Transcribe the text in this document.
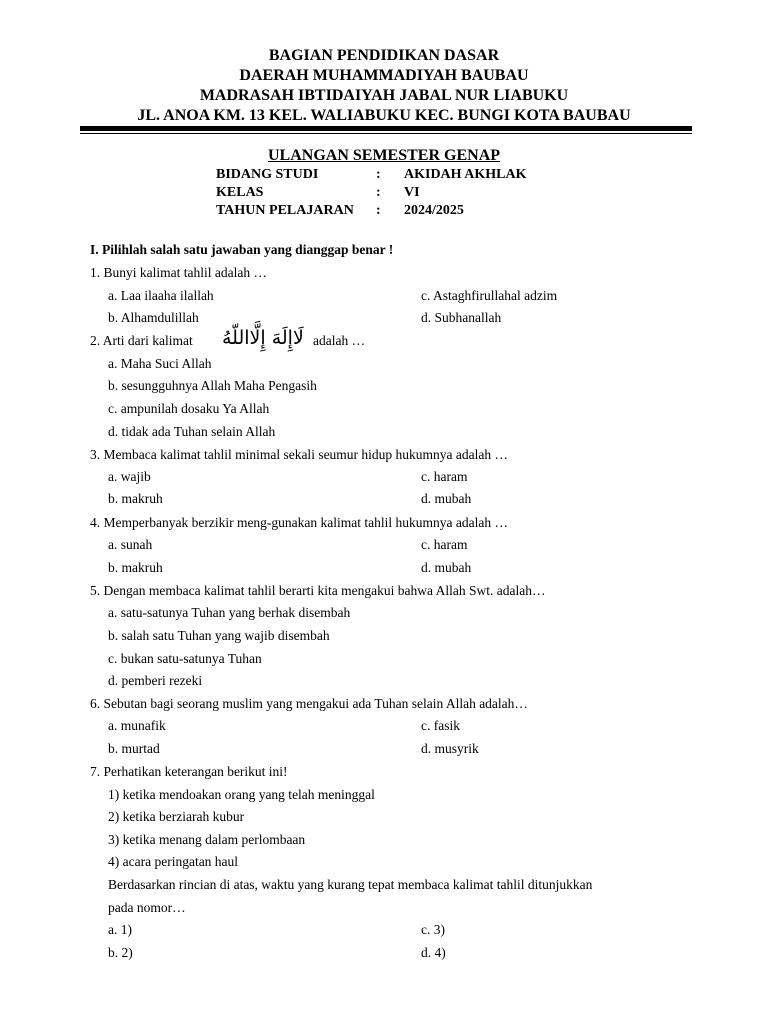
BAGIAN PENDIDIKAN DASAR
DAERAH MUHAMMADIYAH BAUBAU
MADRASAH IBTIDAIYAH JABAL NUR LIABUKU
JL. ANOA KM. 13 KEL. WALIABUKU KEC. BUNGI KOTA BAUBAU
ULANGAN SEMESTER GENAP
BIDANG STUDI	: AKIDAH AKHLAK
KELAS	: VI
TAHUN PELAJARAN : 2024/2025
I. Pilihlah salah satu jawaban yang dianggap benar !
1. Bunyi kalimat tahlil adalah …
a. Laa ilaaha ilallah	c. Astaghfirullahal adzim
b. Alhamdulillah	d. Subhanallah
2. Arti dari kalimat لَاإِلَهَ إِلَّااللّهُ adalah …
a. Maha Suci Allah
b. sesungguhnya Allah Maha Pengasih
c. ampunilah dosaku Ya Allah
d. tidak ada Tuhan selain Allah
3. Membaca kalimat tahlil minimal sekali seumur hidup hukumnya adalah …
a. wajib	c. haram
b. makruh	d. mubah
4. Memperbanyak berzikir meng-gunakan kalimat tahlil hukumnya adalah …
a. sunah	c. haram
b. makruh	d. mubah
5. Dengan membaca kalimat tahlil berarti kita mengakui bahwa Allah Swt. adalah…
a. satu-satunya Tuhan yang berhak disembah
b. salah satu Tuhan yang wajib disembah
c. bukan satu-satunya Tuhan
d. pemberi rezeki
6. Sebutan bagi seorang muslim yang mengakui ada Tuhan selain Allah adalah…
a. munafik	c. fasik
b. murtad	d. musyrik
7. Perhatikan keterangan berikut ini!
1) ketika mendoakan orang yang telah meninggal
2) ketika berziarah kubur
3) ketika menang dalam perlombaan
4) acara peringatan haul
Berdasarkan rincian di atas, waktu yang kurang tepat membaca kalimat tahlil ditunjukkan
pada nomor…
a. 1)	c. 3)
b. 2)	d. 4)
